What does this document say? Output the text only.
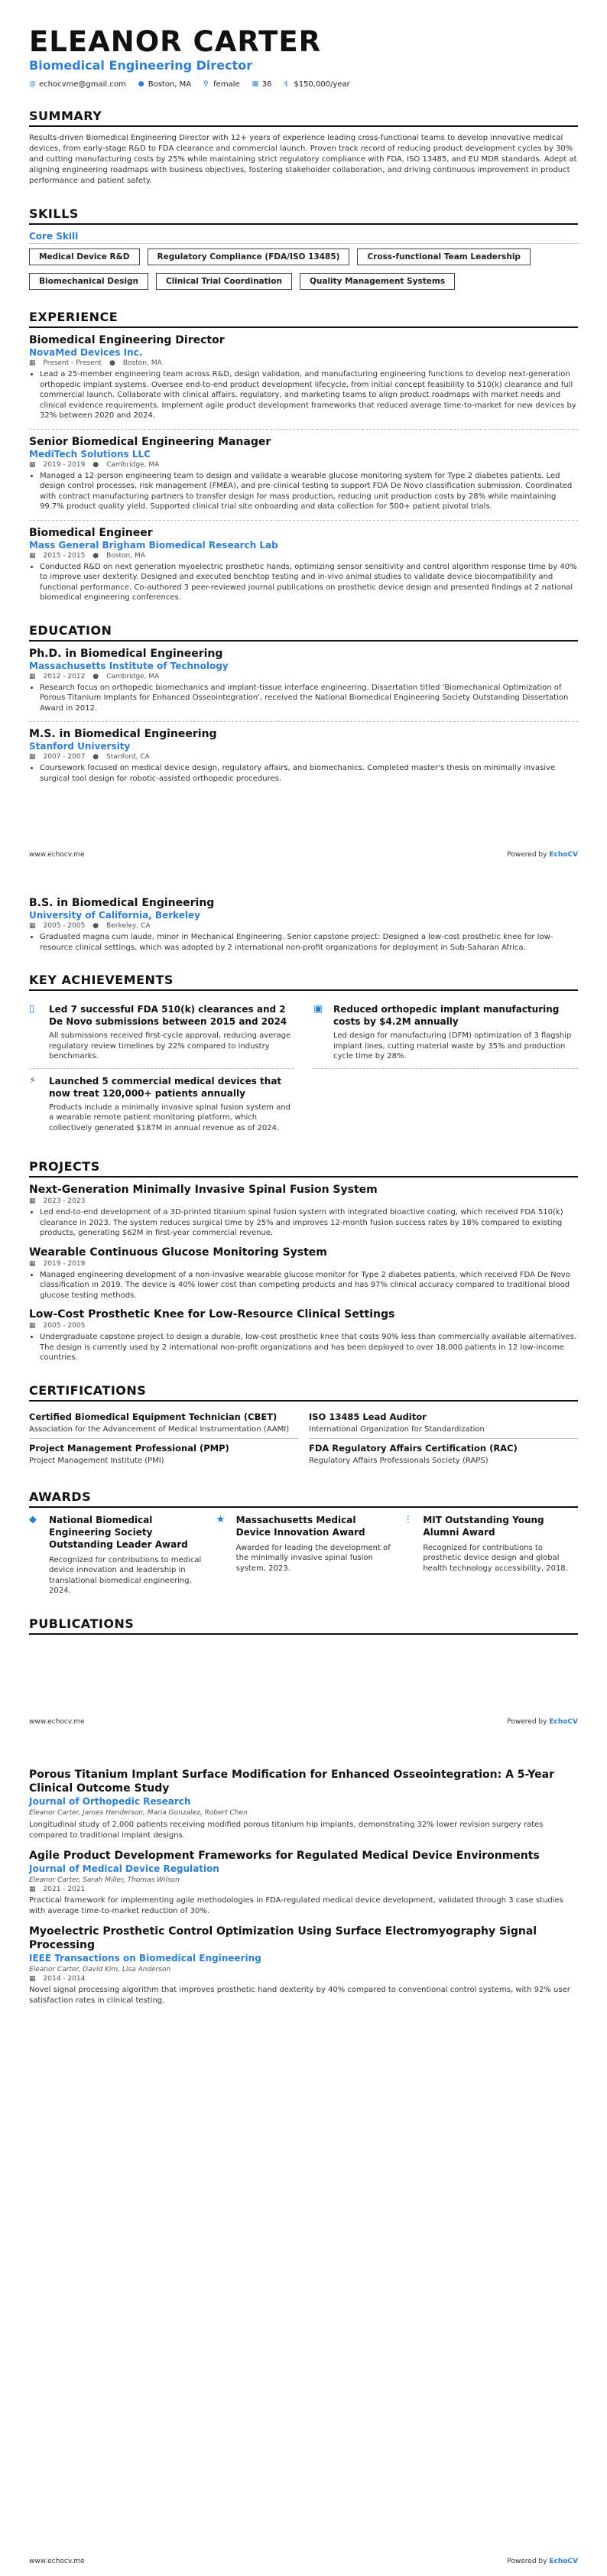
ELEANOR CARTER
Biomedical Engineering Director
@ echocvme@gmail.com ● Boston, MA ♀ female ▦ 36 $ $150,000/year
SUMMARY
Results-driven Biomedical Engineering Director with 12+ years of experience leading cross-functional teams to develop innovative medical devices, from early-stage R&D to FDA clearance and commercial launch. Proven track record of reducing product development cycles by 30% and cutting manufacturing costs by 25% while maintaining strict regulatory compliance with FDA, ISO 13485, and EU MDR standards. Adept at aligning engineering roadmaps with business objectives, fostering stakeholder collaboration, and driving continuous improvement in product performance and patient safety.
SKILLS
Core Skill
Medical Device R&D	Regulatory Compliance (FDA/ISO 13485)	Cross-functional Team Leadership
Biomechanical Design	Clinical Trial Coordination	Quality Management Systems
EXPERIENCE
Biomedical Engineering Director
NovaMed Devices Inc.
▦ Present - Present ● Boston, MA
• Lead a 25-member engineering team across R&D, design validation, and manufacturing engineering functions to develop next-generation orthopedic implant systems. Oversee end-to-end product development lifecycle, from initial concept feasibility to 510(k) clearance and full commercial launch. Collaborate with clinical affairs, regulatory, and marketing teams to align product roadmaps with market needs and clinical evidence requirements. Implement agile product development frameworks that reduced average time-to-market for new devices by 32% between 2020 and 2024.
Senior Biomedical Engineering Manager
MediTech Solutions LLC
▦ 2019 - 2019 ● Cambridge, MA
• Managed a 12-person engineering team to design and validate a wearable glucose monitoring system for Type 2 diabetes patients. Led design control processes, risk management (FMEA), and pre-clinical testing to support FDA De Novo classification submission. Coordinated with contract manufacturing partners to transfer design for mass production, reducing unit production costs by 28% while maintaining 99.7% product quality yield. Supported clinical trial site onboarding and data collection for 500+ patient pivotal trials.
Biomedical Engineer
Mass General Brigham Biomedical Research Lab
▦ 2015 - 2015 ● Boston, MA
• Conducted R&D on next generation myoelectric prosthetic hands, optimizing sensor sensitivity and control algorithm response time by 40% to improve user dexterity. Designed and executed benchtop testing and in-vivo animal studies to validate device biocompatibility and functional performance. Co-authored 3 peer-reviewed journal publications on prosthetic device design and presented findings at 2 national biomedical engineering conferences.
EDUCATION
Ph.D. in Biomedical Engineering
Massachusetts Institute of Technology
▦ 2012 - 2012 ● Cambridge, MA
• Research focus on orthopedic biomechanics and implant-tissue interface engineering. Dissertation titled 'Biomechanical Optimization of Porous Titanium Implants for Enhanced Osseointegration', received the National Biomedical Engineering Society Outstanding Dissertation Award in 2012.
M.S. in Biomedical Engineering
Stanford University
▦ 2007 - 2007 ● Stanford, CA
• Coursework focused on medical device design, regulatory affairs, and biomechanics. Completed master's thesis on minimally invasive surgical tool design for robotic-assisted orthopedic procedures.
www.echocv.me	Powered by EchoCV
B.S. in Biomedical Engineering
University of California, Berkeley
▦ 2005 - 2005 ● Berkeley, CA
• Graduated magna cum laude, minor in Mechanical Engineering. Senior capstone project: Designed a low-cost prosthetic knee for low-resource clinical settings, which was adopted by 2 international non-profit organizations for deployment in Sub-Saharan Africa.
KEY ACHIEVEMENTS
▯	Led 7 successful FDA 510(k) clearances and 2 De Novo submissions between 2015 and 2024
All submissions received first-cycle approval, reducing average regulatory review timelines by 22% compared to industry benchmarks.
▣ Reduced orthopedic implant manufacturing costs by $4.2M annually
Led design for manufacturing (DFM) optimization of 3 flagship implant lines, cutting material waste by 35% and production cycle time by 28%.
⚡	Launched 5 commercial medical devices that now treat 120,000+ patients annually
Products include a minimally invasive spinal fusion system and a wearable remote patient monitoring platform, which collectively generated $187M in annual revenue as of 2024.
PROJECTS
Next-Generation Minimally Invasive Spinal Fusion System
▦ 2023 - 2023
• Led end-to-end development of a 3D-printed titanium spinal fusion system with integrated bioactive coating, which received FDA 510(k) clearance in 2023. The system reduces surgical time by 25% and improves 12-month fusion success rates by 18% compared to existing products, generating $62M in first-year commercial revenue.
Wearable Continuous Glucose Monitoring System
▦ 2019 - 2019
• Managed engineering development of a non-invasive wearable glucose monitor for Type 2 diabetes patients, which received FDA De Novo classification in 2019. The device is 40% lower cost than competing products and has 97% clinical accuracy compared to traditional blood glucose testing methods.
Low-Cost Prosthetic Knee for Low-Resource Clinical Settings
▦ 2005 - 2005
• Undergraduate capstone project to design a durable, low-cost prosthetic knee that costs 90% less than commercially available alternatives. The design is currently used by 2 international non-profit organizations and has been deployed to over 18,000 patients in 12 low-income countries.
CERTIFICATIONS
Certified Biomedical Equipment Technician (CBET)
Association for the Advancement of Medical Instrumentation (AAMI)
ISO 13485 Lead Auditor
International Organization for Standardization
Project Management Professional (PMP)
Project Management Institute (PMI)
FDA Regulatory Affairs Certification (RAC)
Regulatory Affairs Professionals Society (RAPS)
AWARDS
◆ National Biomedical Engineering Society Outstanding Leader Award
Recognized for contributions to medical device innovation and leadership in translational biomedical engineering, 2024.
★ Massachusetts Medical Device Innovation Award
Awarded for leading the development of the minimally invasive spinal fusion system, 2023.
⋮ MIT Outstanding Young Alumni Award
Recognized for contributions to prosthetic device design and global health technology accessibility, 2018.
PUBLICATIONS
www.echocv.me	Powered by EchoCV
Porous Titanium Implant Surface Modification for Enhanced Osseointegration: A 5-Year Clinical Outcome Study
Journal of Orthopedic Research
Eleanor Carter, James Henderson, Maria Gonzalez, Robert Chen
Longitudinal study of 2,000 patients receiving modified porous titanium hip implants, demonstrating 32% lower revision surgery rates compared to traditional implant designs.
Agile Product Development Frameworks for Regulated Medical Device Environments
Journal of Medical Device Regulation
Eleanor Carter, Sarah Miller, Thomas Wilson
▦ 2021 - 2021
Practical framework for implementing agile methodologies in FDA-regulated medical device development, validated through 3 case studies with average time-to-market reduction of 30%.
Myoelectric Prosthetic Control Optimization Using Surface Electromyography Signal Processing
IEEE Transactions on Biomedical Engineering
Eleanor Carter, David Kim, Lisa Anderson
▦ 2014 - 2014
Novel signal processing algorithm that improves prosthetic hand dexterity by 40% compared to conventional control systems, with 92% user satisfaction rates in clinical testing.
www.echocv.me	Powered by EchoCV
